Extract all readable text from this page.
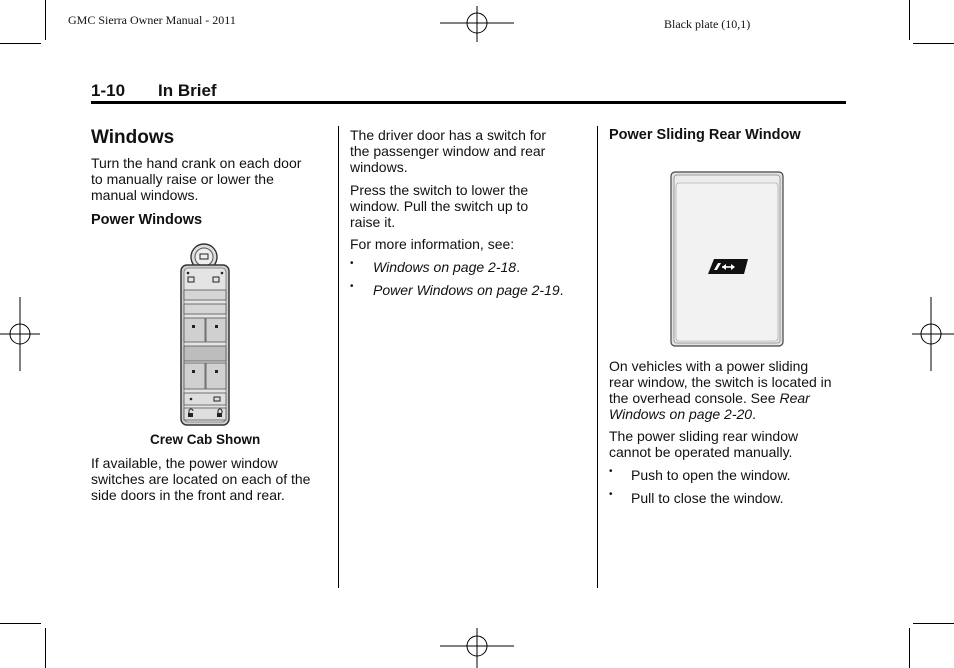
GMC Sierra Owner Manual - 2011	Black plate (10,1)
1-10 In Brief
Windows
Turn the hand crank on each door
to manually raise or lower the
manual windows.
Power Windows
Crew Cab Shown
If available, the power window
switches are located on each of the
side doors in the front and rear.
The driver door has a switch for
the passenger window and rear
windows.
Press the switch to lower the
window. Pull the switch up to
raise it.
For more information, see:
• Windows on page 2-18.
• Power Windows on page 2-19.
Power Sliding Rear Window
On vehicles with a power sliding
rear window, the switch is located in
the overhead console. See Rear
Windows on page 2-20.
The power sliding rear window
cannot be operated manually.
• Push to open the window.
• Pull to close the window.
